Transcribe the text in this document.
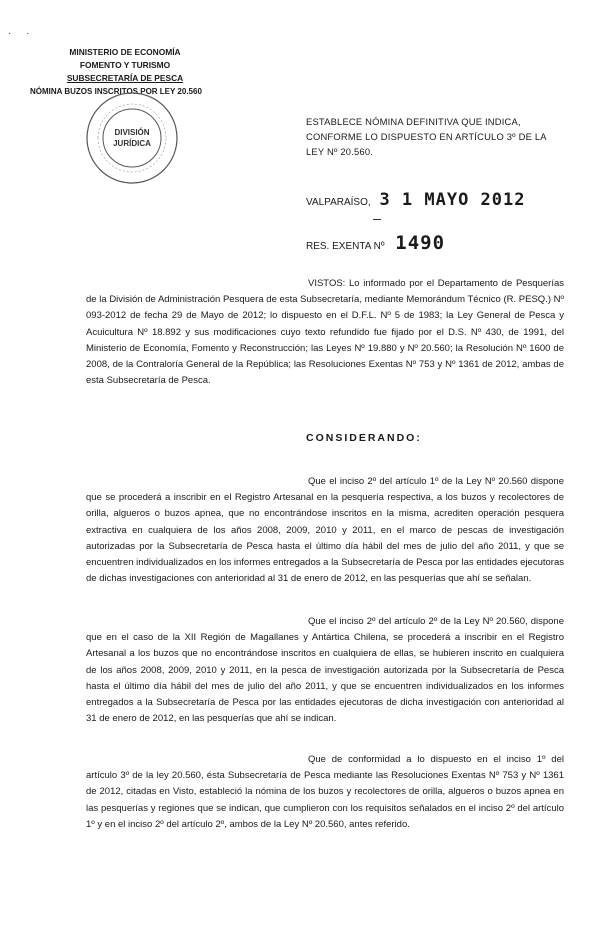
· ·
MINISTERIO DE ECONOMÍA
FOMENTO Y TURISMO
SUBSECRETARÍA DE PESCA
NÓMINA BUZOS INSCRITOS POR LEY 20.560
DIVISIÓN
JURÍDICA
ESTABLECE NÓMINA DEFINITIVA QUE INDICA, CONFORME LO DISPUESTO EN ARTÍCULO 3º DE LA LEY Nº 20.560.
VALPARAÍSO, 3 1 MAYO 2012
RES. EXENTA Nº 1490
VISTOS: Lo informado por el Departamento de Pesquerías de la División de Administración Pesquera de esta Subsecretaría, mediante Memorándum Técnico (R. PESQ.) Nº 093-2012 de fecha 29 de Mayo de 2012; lo dispuesto en el D.F.L. Nº 5 de 1983; la Ley General de Pesca y Acuicultura Nº 18.892 y sus modificaciones cuyo texto refundido fue fijado por el D.S. Nº 430, de 1991, del Ministerio de Economía, Fomento y Reconstrucción; las Leyes Nº 19.880 y Nº 20.560; la Resolución Nº 1600 de 2008, de la Contraloría General de la República; las Resoluciones Exentas Nº 753 y Nº 1361 de 2012, ambas de esta Subsecretaría de Pesca.
CONSIDERANDO:
Que el inciso 2º del artículo 1º de la Ley Nº 20.560 dispone que se procederá a inscribir en el Registro Artesanal en la pesquería respectiva, a los buzos y recolectores de orilla, algueros o buzos apnea, que no encontrándose inscritos en la misma, acrediten operación pesquera extractiva en cualquiera de los años 2008, 2009, 2010 y 2011, en el marco de pescas de investigación autorizadas por la Subsecretaría de Pesca hasta el último día hábil del mes de julio del año 2011, y que se encuentren individualizados en los informes entregados a la Subsecretaría de Pesca por las entidades ejecutoras de dichas investigaciones con anterioridad al 31 de enero de 2012, en las pesquerías que ahí se señalan.
Que el inciso 2º del artículo 2º de la Ley Nº 20.560, dispone que en el caso de la XII Región de Magallanes y Antártica Chilena, se procederá a inscribir en el Registro Artesanal a los buzos que no encontrándose inscritos en cualquiera de ellas, se hubieren inscrito en cualquiera de los años 2008, 2009, 2010 y 2011, en la pesca de investigación autorizada por la Subsecretaría de Pesca hasta el último día hábil del mes de julio del año 2011, y que se encuentren individualizados en los informes entregados a la Subsecretaría de Pesca por las entidades ejecutoras de dicha investigación con anterioridad al 31 de enero de 2012, en las pesquerías que ahí se indican.
Que de conformidad a lo dispuesto en el inciso 1º del artículo 3º de la ley 20.560, ésta Subsecretaría de Pesca mediante las Resoluciones Exentas Nº 753 y Nº 1361 de 2012, citadas en Visto, estableció la nómina de los buzos y recolectores de orilla, algueros o buzos apnea en las pesquerías y regiones que se indican, que cumplieron con los requisitos señalados en el inciso 2º del artículo 1º y en el inciso 2º del artículo 2º, ambos de la Ley Nº 20.560, antes referido.
